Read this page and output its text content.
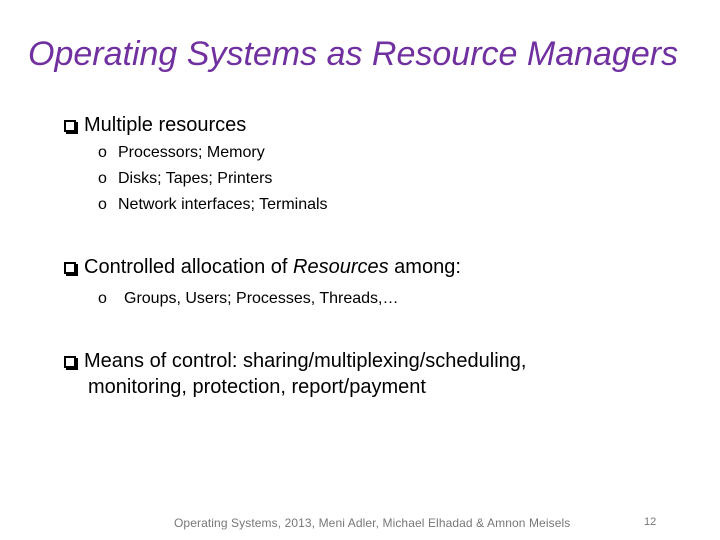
Operating Systems as Resource Managers
Multiple resources
o Processors; Memory
o Disks; Tapes; Printers
o Network interfaces; Terminals
Controlled allocation of Resources among:
o Groups, Users; Processes, Threads,…
Means of control: sharing/multiplexing/scheduling,
monitoring, protection, report/payment
Operating Systems, 2013, Meni Adler, Michael Elhadad & Amnon Meisels	12
